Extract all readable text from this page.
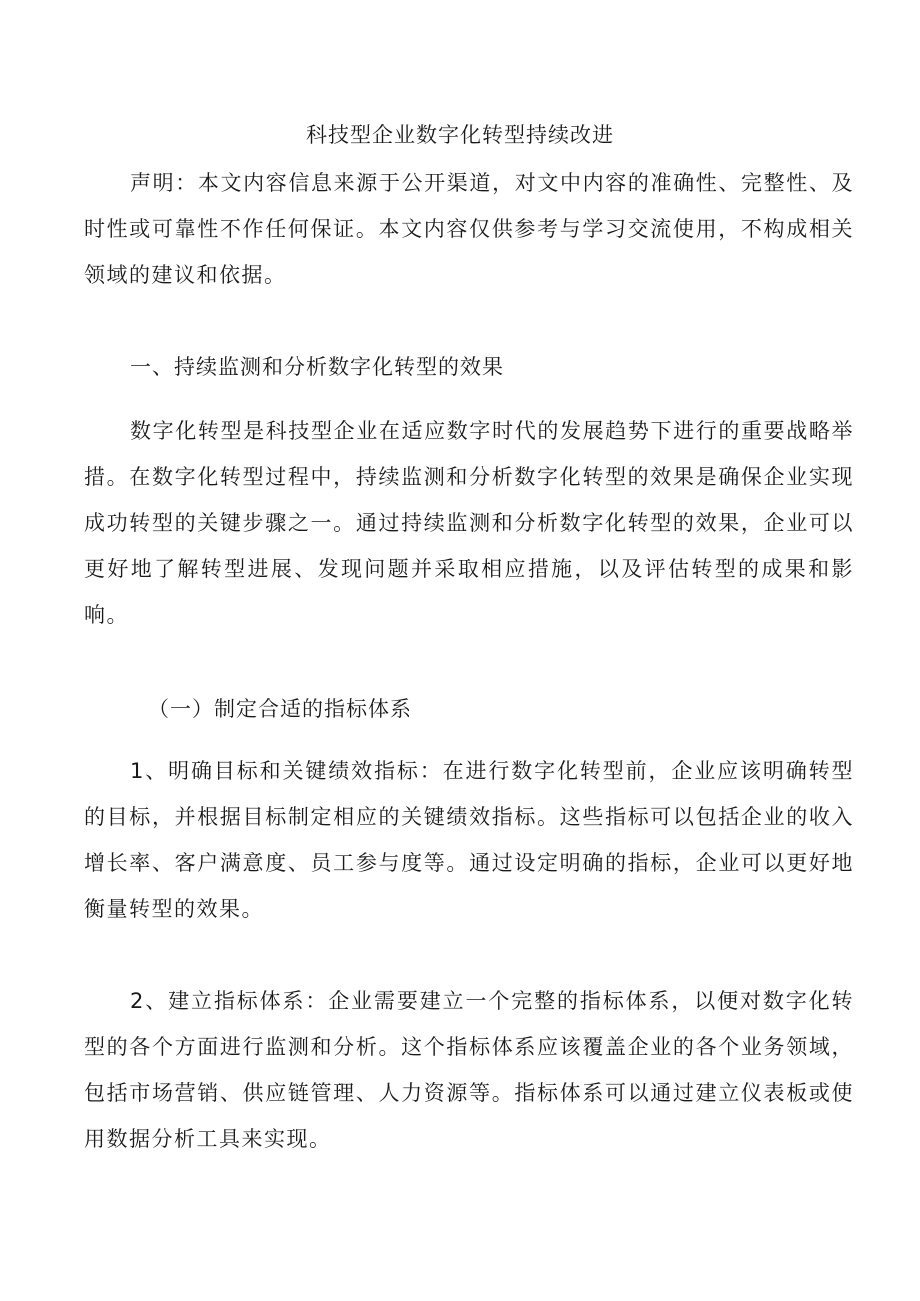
科技型企业数字化转型持续改进
声明：本文内容信息来源于公开渠道，对文中内容的准确性、完整性、及时性或可靠性不作任何保证。本文内容仅供参考与学习交流使用，不构成相关领域的建议和依据。
一、持续监测和分析数字化转型的效果
数字化转型是科技型企业在适应数字时代的发展趋势下进行的重要战略举措。在数字化转型过程中，持续监测和分析数字化转型的效果是确保企业实现成功转型的关键步骤之一。通过持续监测和分析数字化转型的效果，企业可以更好地了解转型进展、发现问题并采取相应措施，以及评估转型的成果和影响。
（一）制定合适的指标体系
1、明确目标和关键绩效指标：在进行数字化转型前，企业应该明确转型的目标，并根据目标制定相应的关键绩效指标。这些指标可以包括企业的收入增长率、客户满意度、员工参与度等。通过设定明确的指标，企业可以更好地衡量转型的效果。
2、建立指标体系：企业需要建立一个完整的指标体系，以便对数字化转型的各个方面进行监测和分析。这个指标体系应该覆盖企业的各个业务领域，包括市场营销、供应链管理、人力资源等。指标体系可以通过建立仪表板或使用数据分析工具来实现。
